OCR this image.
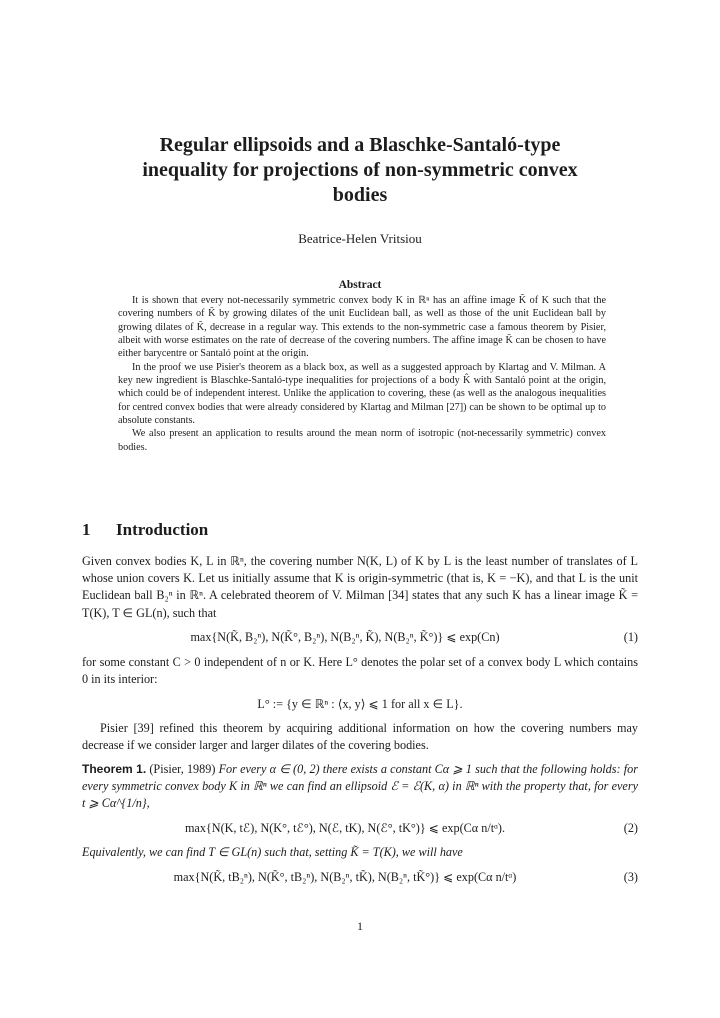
Regular ellipsoids and a Blaschke-Santaló-type
inequality for projections of non-symmetric convex
bodies
Beatrice-Helen Vritsiou
Abstract

It is shown that every not-necessarily symmetric convex body K in ℝⁿ has an affine image K̃ of K such that the covering numbers of K̃ by growing dilates of the unit Euclidean ball, as well as those of the unit Euclidean ball by growing dilates of K̃, decrease in a regular way. This extends to the non-symmetric case a famous theorem by Pisier, albeit with worse estimates on the rate of decrease of the covering numbers. The affine image K̃ can be chosen to have either barycentre or Santaló point at the origin.

In the proof we use Pisier's theorem as a black box, as well as a suggested approach by Klartag and V. Milman. A key new ingredient is Blaschke-Santaló-type inequalities for projections of a body K̂ with Santaló point at the origin, which could be of independent interest. Unlike the application to covering, these (as well as the analogous inequalities for centred convex bodies that were already considered by Klartag and Milman [27]) can be shown to be optimal up to absolute constants.

We also present an application to results around the mean norm of isotropic (not-necessarily symmetric) convex bodies.

1 Introduction

Given convex bodies K, L in ℝⁿ, the covering number N(K, L) of K by L is the least number of translates of L whose union covers K. Let us initially assume that K is origin-symmetric (that is, K = −K), and that L is the unit Euclidean ball B₂ⁿ in ℝⁿ. A celebrated theorem of V. Milman [34] states that any such K has a linear image K̃ = T(K), T ∈ GL(n), such that

max{N(K̃, B₂ⁿ), N(K̃°, B₂ⁿ), N(B₂ⁿ, K̃), N(B₂ⁿ, K̃°)} ⩽ exp(Cn)	(1)

for some constant C > 0 independent of n or K. Here L° denotes the polar set of a convex body L which contains 0 in its interior:

L° := {y ∈ ℝⁿ : ⟨x, y⟩ ⩽ 1 for all x ∈ L}.

Pisier [39] refined this theorem by acquiring additional information on how the covering numbers may decrease if we consider larger and larger dilates of the covering bodies.

Theorem 1. (Pisier, 1989) For every α ∈ (0, 2) there exists a constant Cα ⩾ 1 such that the following holds: for every symmetric convex body K in ℝⁿ we can find an ellipsoid ℰ = ℰ(K, α) in ℝⁿ with the property that, for every t ⩾ Cα^{1/n},

max{N(K, tℰ), N(K°, tℰ°), N(ℰ, tK), N(ℰ°, tK°)} ⩽ exp(Cα n/tᵅ).	(2)

Equivalently, we can find T ∈ GL(n) such that, setting K̃ = T(K), we will have

max{N(K̃, tB₂ⁿ), N(K̃°, tB₂ⁿ), N(B₂ⁿ, tK̃), N(B₂ⁿ, tK̃°)} ⩽ exp(Cα n/tᵅ)	(3)
1
